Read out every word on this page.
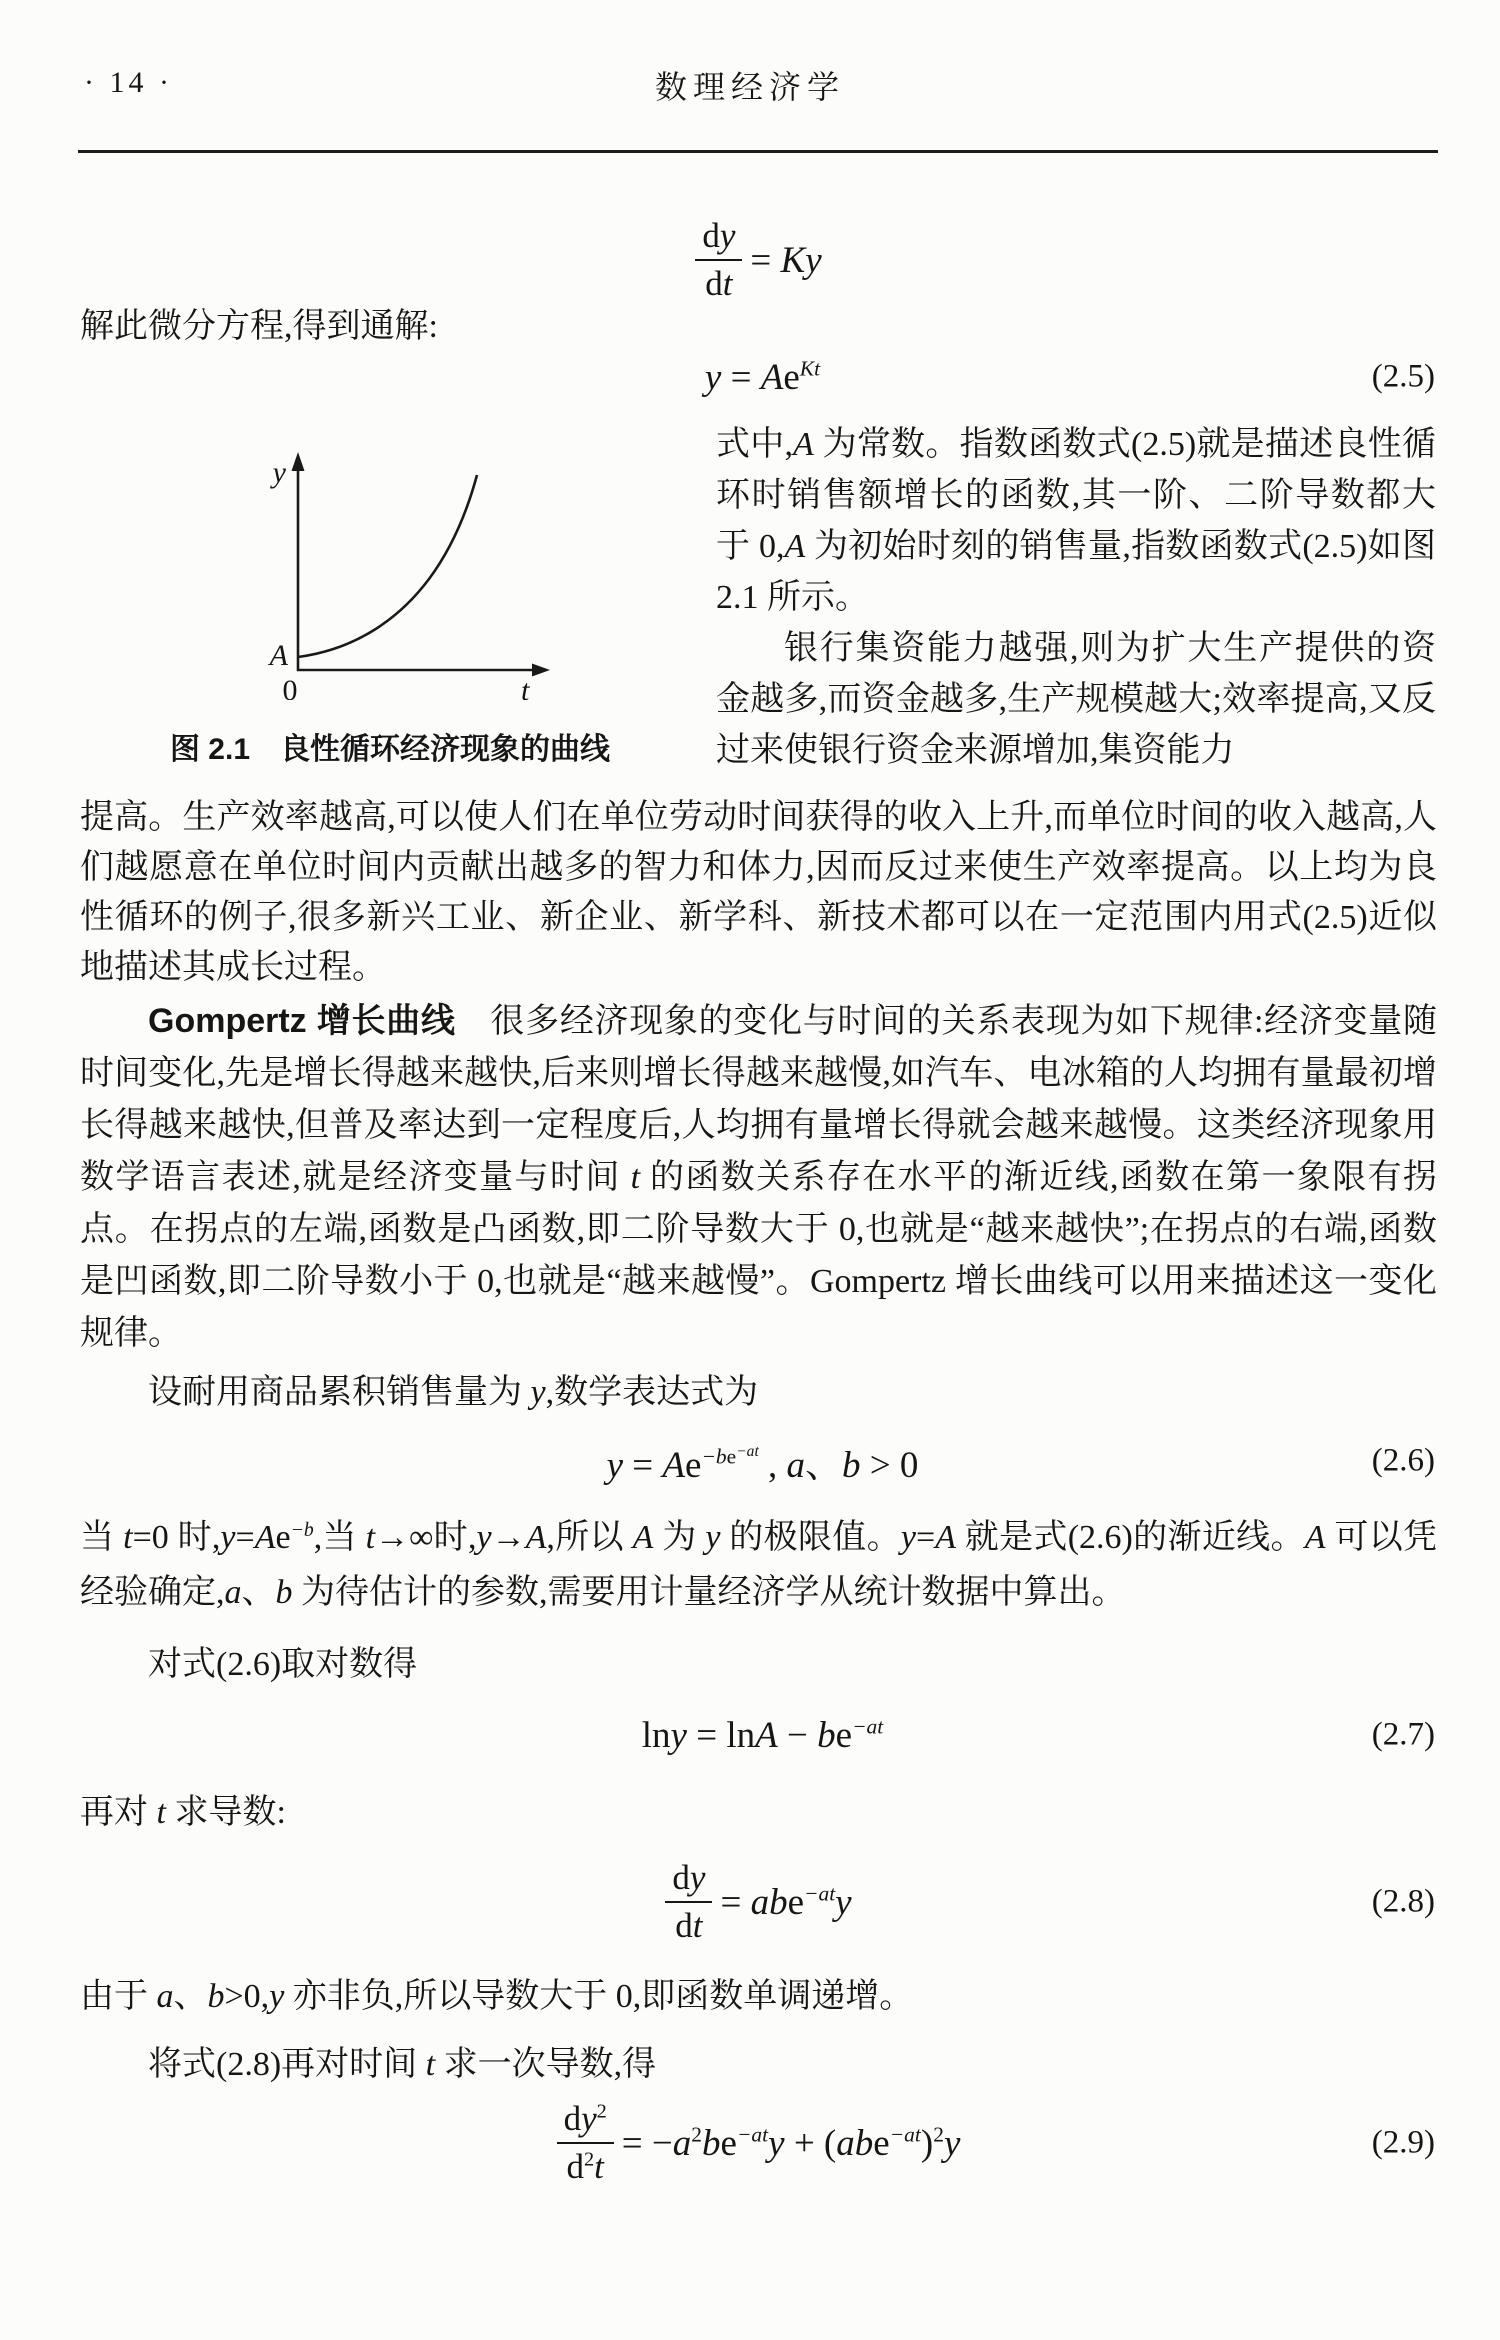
· 14 ·	数理经济学
$\frac{dy}{dt} = Ky$

解此微分方程,得到通解:

$y = Ae^{Kt}$	(2.5)
y
A
0	t
图 2.1　良性循环经济现象的曲线

式中,A 为常数。指数函数式(2.5)就是描述良性循环时销售额增长的函数,其一阶、二阶导数都大于 0,A 为初始时刻的销售量,指数函数式(2.5)如图 2.1 所示。

银行集资能力越强,则为扩大生产提供的资金越多,而资金越多,生产规模越大;效率提高,又反过来使银行资金来源增加,集资能力

提高。生产效率越高,可以使人们在单位劳动时间获得的收入上升,而单位时间的收入越高,人们越愿意在单位时间内贡献出越多的智力和体力,因而反过来使生产效率提高。以上均为良性循环的例子,很多新兴工业、新企业、新学科、新技术都可以在一定范围内用式(2.5)近似地描述其成长过程。

Gompertz 增长曲线　很多经济现象的变化与时间的关系表现为如下规律:经济变量随时间变化,先是增长得越来越快,后来则增长得越来越慢,如汽车、电冰箱的人均拥有量最初增长得越来越快,但普及率达到一定程度后,人均拥有量增长得就会越来越慢。这类经济现象用数学语言表述,就是经济变量与时间 t 的函数关系存在水平的渐近线,函数在第一象限有拐点。在拐点的左端,函数是凸函数,即二阶导数大于 0,也就是“越来越快”;在拐点的右端,函数是凹函数,即二阶导数小于 0,也就是“越来越慢”。Gompertz 增长曲线可以用来描述这一变化规律。

设耐用商品累积销售量为 y,数学表达式为

$y = Ae^{-be-at}$ , a、b > 0	(2.6)

当 t=0 时$,y=Ae^{-b}$,当 t→∞时,y→A,所以 A 为 y 的极限值。y=A 就是式(2.6)的渐近线。A 可以凭经验确定,a、b 为待估计的参数,需要用计量经济学从统计数据中算出。

对式(2.6)取对数得

$\ln y = \ln A - be^{-at}$	(2.7)

再对 t 求导数:

$\frac{dy}{dt} = abe^{-at}y$	(2.8)

由于 a、b>0,y 亦非负,所以导数大于 0,即函数单调递增。

将式(2.8)再对时间 t 求一次导数,得

$\frac{dy^2}{d^2t} = -a^2be^{-at}y + (abe^{-at})^2y$	(2.9)
